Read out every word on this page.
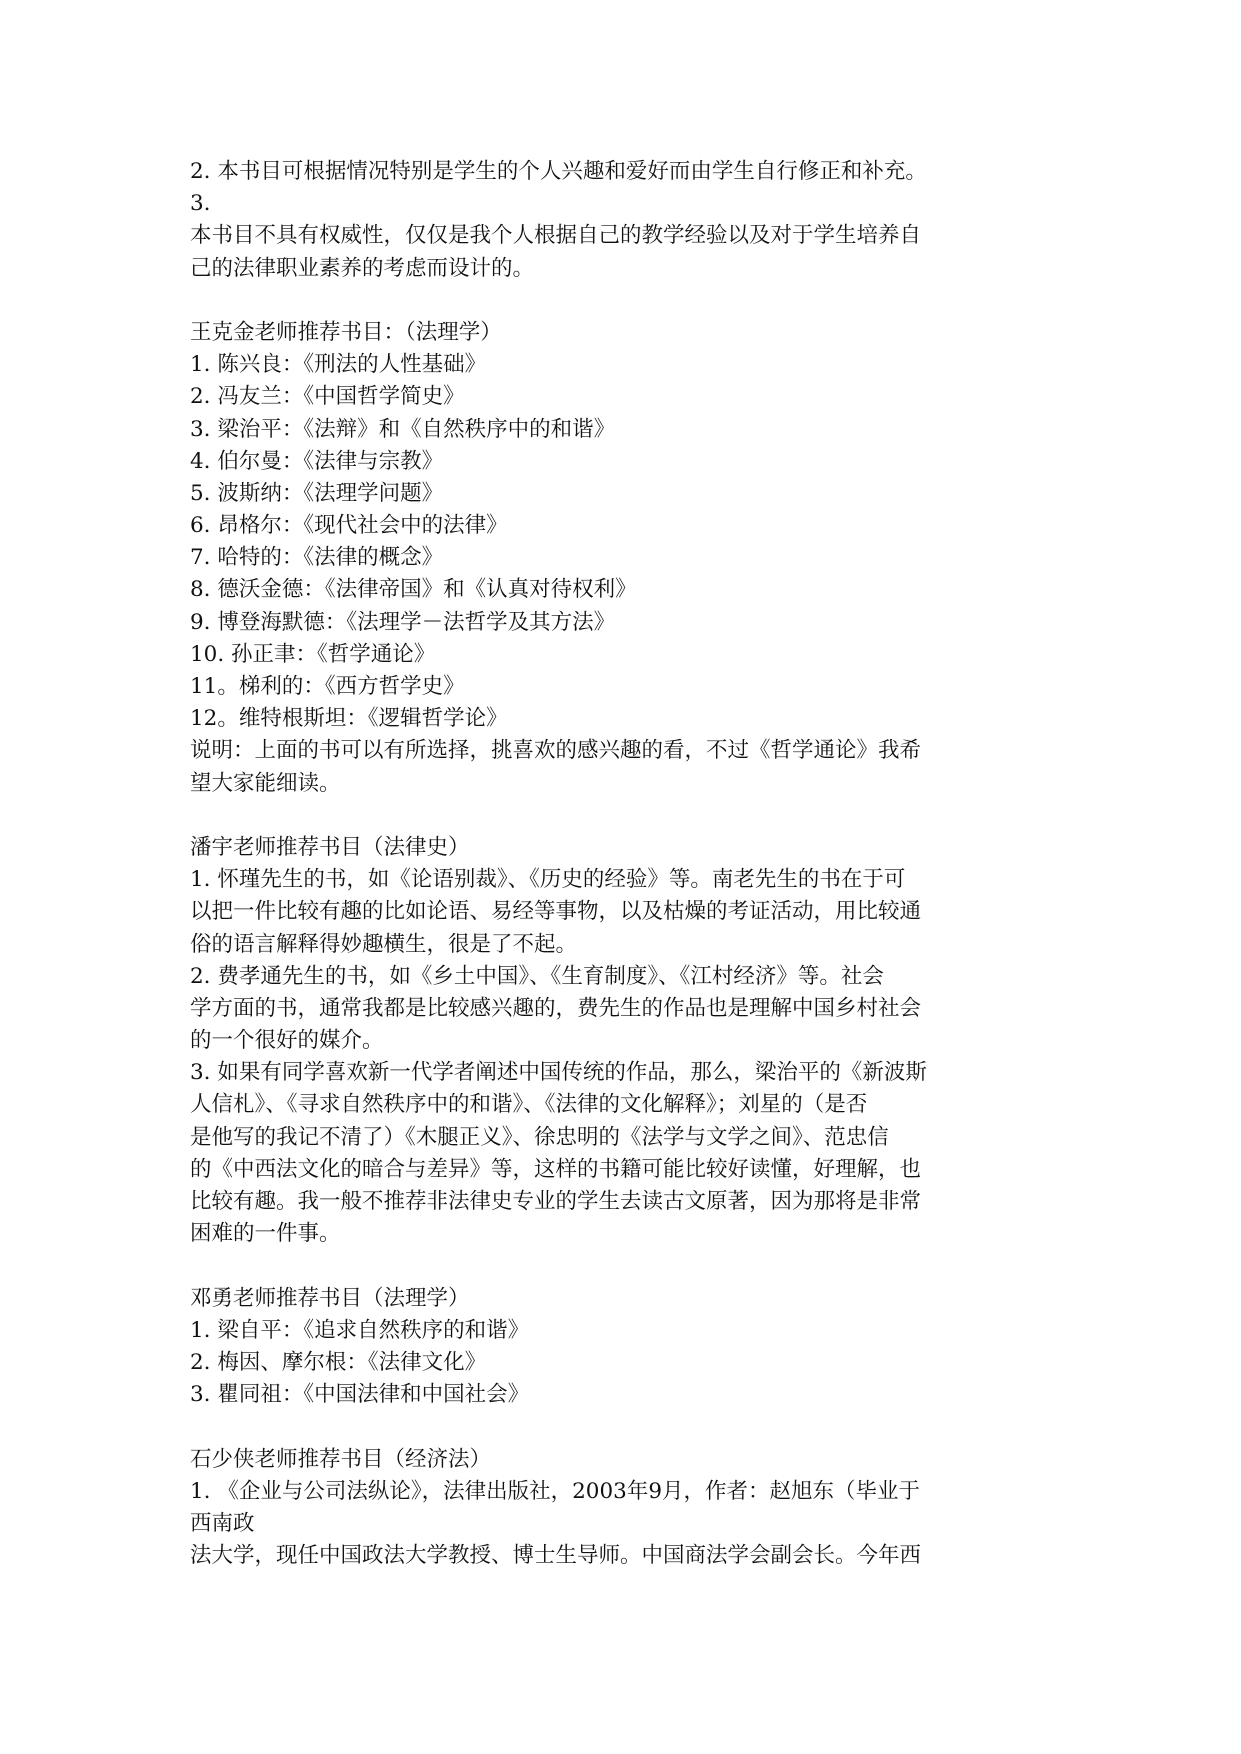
2. 本书目可根据情况特别是学生的个人兴趣和爱好而由学生自行修正和补充。
3.
本书目不具有权威性，仅仅是我个人根据自己的教学经验以及对于学生培养自
己的法律职业素养的考虑而设计的。
王克金老师推荐书目：（法理学）
1. 陈兴良：《刑法的人性基础》
2. 冯友兰：《中国哲学简史》
3. 梁治平：《法辩》和《自然秩序中的和谐》
4. 伯尔曼：《法律与宗教》
5. 波斯纳：《法理学问题》
6. 昂格尔：《现代社会中的法律》
7. 哈特的：《法律的概念》
8. 德沃金德：《法律帝国》和《认真对待权利》
9. 博登海默德：《法理学－法哲学及其方法》
10. 孙正聿：《哲学通论》
11。梯利的：《西方哲学史》
12。维特根斯坦：《逻辑哲学论》
说明：上面的书可以有所选择，挑喜欢的感兴趣的看，不过《哲学通论》我希
望大家能细读。
潘宇老师推荐书目（法律史）
1. 怀瑾先生的书，如《论语别裁》、《历史的经验》等。南老先生的书在于可
以把一件比较有趣的比如论语、易经等事物，以及枯燥的考证活动，用比较通
俗的语言解释得妙趣横生，很是了不起。
2. 费孝通先生的书，如《乡土中国》、《生育制度》、《江村经济》等。社会
学方面的书，通常我都是比较感兴趣的，费先生的作品也是理解中国乡村社会
的一个很好的媒介。
3. 如果有同学喜欢新一代学者阐述中国传统的作品，那么，梁治平的《新波斯
人信札》、《寻求自然秩序中的和谐》、《法律的文化解释》；刘星的（是否
是他写的我记不清了）《木腿正义》、徐忠明的《法学与文学之间》、范忠信
的《中西法文化的暗合与差异》等，这样的书籍可能比较好读懂，好理解，也
比较有趣。我一般不推荐非法律史专业的学生去读古文原著，因为那将是非常
困难的一件事。
邓勇老师推荐书目（法理学）
1. 梁自平：《追求自然秩序的和谐》
2. 梅因、摩尔根：《法律文化》
3. 瞿同祖：《中国法律和中国社会》
石少侠老师推荐书目（经济法）
1. 《企业与公司法纵论》，法律出版社，2003年9月，作者：赵旭东（毕业于
西南政
法大学，现任中国政法大学教授、博士生导师。中国商法学会副会长。今年西
